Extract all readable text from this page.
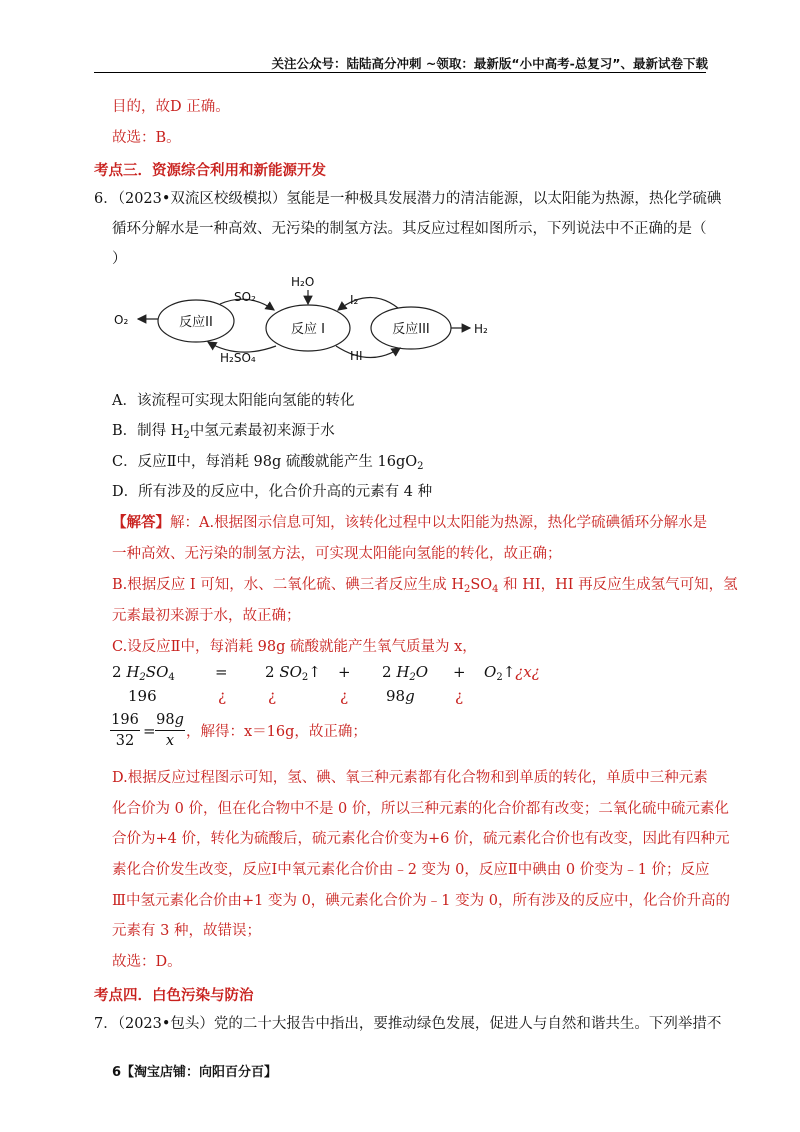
关注公众号：陆陆高分冲刺 ~领取：最新版“小中高考-总复习”、最新试卷下载
目的，故D 正确。
故选：B。
考点三．资源综合利用和新能源开发
6．（2023•双流区校级模拟）氢能是一种极具发展潜力的清洁能源，以太阳能为热源，热化学硫碘
循环分解水是一种高效、无污染的制氢方法。其反应过程如图所示，下列说法中不正确的是（
）
反应II	反应 I	反应III
O₂
H₂O
H₂
SO₂
H₂SO₄
I₂
HI
A．该流程可实现太阳能向氢能的转化
B．制得 $H_2$中氢元素最初来源于水
C．反应Ⅱ中，每消耗 98g 硫酸就能产生 $16gO_2$
D．所有涉及的反应中，化合价升高的元素有 4 种
【解答】解：A.根据图示信息可知，该转化过程中以太阳能为热源，热化学硫碘循环分解水是
一种高效、无污染的制氢方法，可实现太阳能向氢能的转化，故正确；
B.根据反应 I 可知，水、二氧化硫、碘三者反应生成 $H_2SO_4$ 和 HI，HI 再反应生成氢气可知，氢
元素最初来源于水，故正确；
C.设反应Ⅱ中，每消耗 98g 硫酸就能产生氧气质量为 x，
2 $H_2SO_4$	= 2 $SO_2↑ + 2$ $H_2O$ + $O_2↑¿x¿$
196	¿	¿	¿	98g	¿
196
32
=
98g
x
，解得：x＝16g，故正确；
D.根据反应过程图示可知，氢、碘、氧三种元素都有化合物和到单质的转化，单质中三种元素
化合价为 0 价，但在化合物中不是 0 价，所以三种元素的化合价都有改变；二氧化硫中硫元素化
合价为+4 价，转化为硫酸后，硫元素化合价变为+6 价，硫元素化合价也有改变，因此有四种元
素化合价发生改变，反应Ⅰ中氧元素化合价由﹣2 变为 0，反应Ⅱ中碘由 0 价变为﹣1 价；反应
Ⅲ中氢元素化合价由+1 变为 0，碘元素化合价为﹣1 变为 0，所有涉及的反应中，化合价升高的
元素有 3 种，故错误；
故选：D。
考点四．白色污染与防治
7．（2023•包头）党的二十大报告中指出，要推动绿色发展，促进人与自然和谐共生。下列举措不
6【淘宝店铺：向阳百分百】
